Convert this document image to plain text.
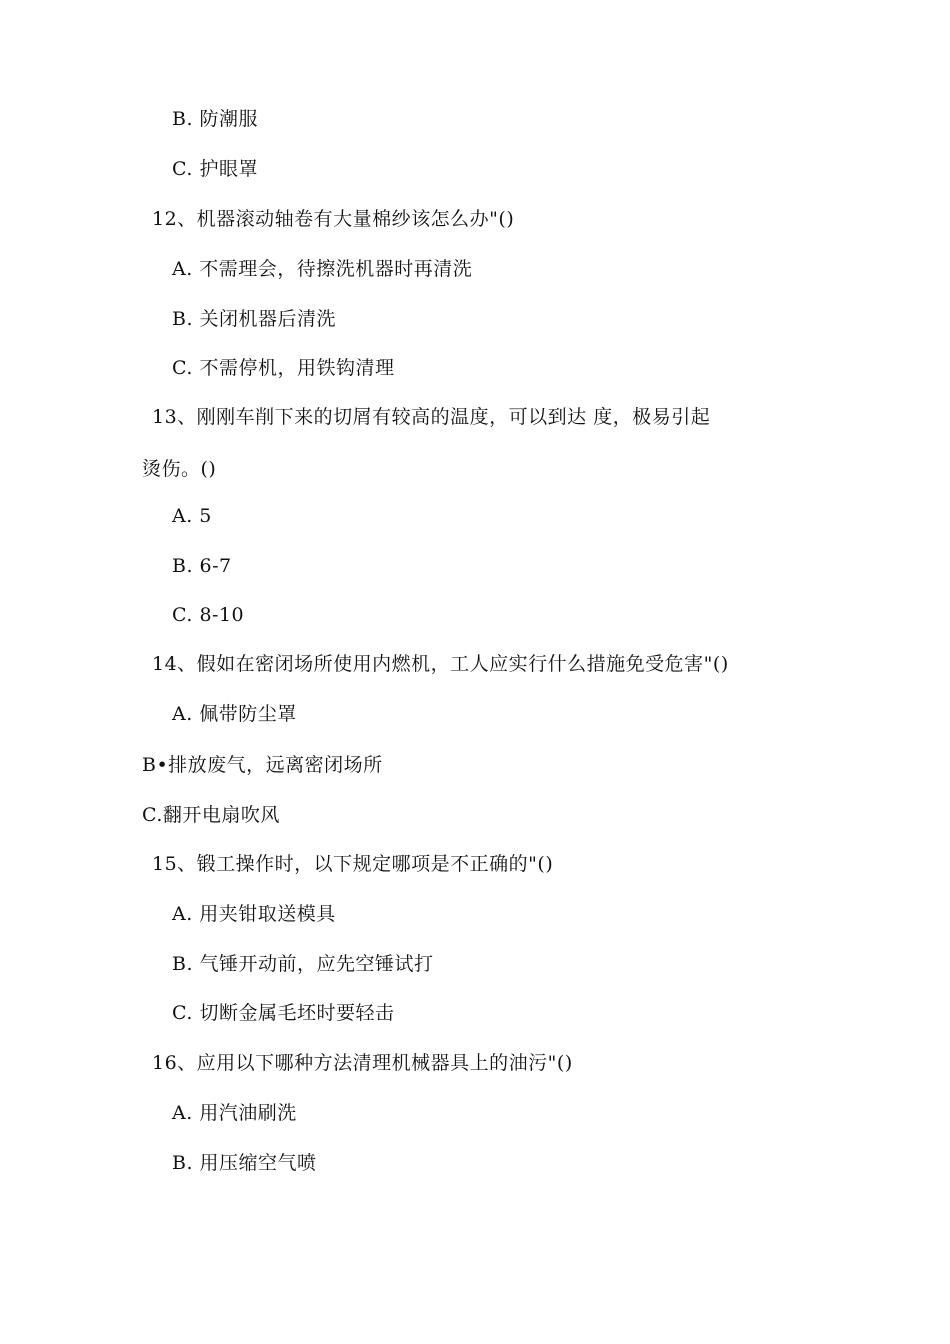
B. 防潮服
C. 护眼罩
12、机器滚动轴卷有大量棉纱该怎么办"()
A. 不需理会，待擦洗机器时再清洗
B. 关闭机器后清洗
C. 不需停机，用铁钩清理
13、刚刚车削下来的切屑有较高的温度，可以到达 度，极易引起
烫伤。()
A. 5
B. 6-7
C. 8-10
14、假如在密闭场所使用内燃机，工人应实行什么措施免受危害"()
A. 佩带防尘罩
B•排放废气，远离密闭场所
C.翻开电扇吹风
15、锻工操作时，以下规定哪项是不正确的"()
A. 用夹钳取送模具
B. 气锤开动前，应先空锤试打
C. 切断金属毛坯时要轻击
16、应用以下哪种方法清理机械器具上的油污"()
A. 用汽油刷洗
B. 用压缩空气喷
